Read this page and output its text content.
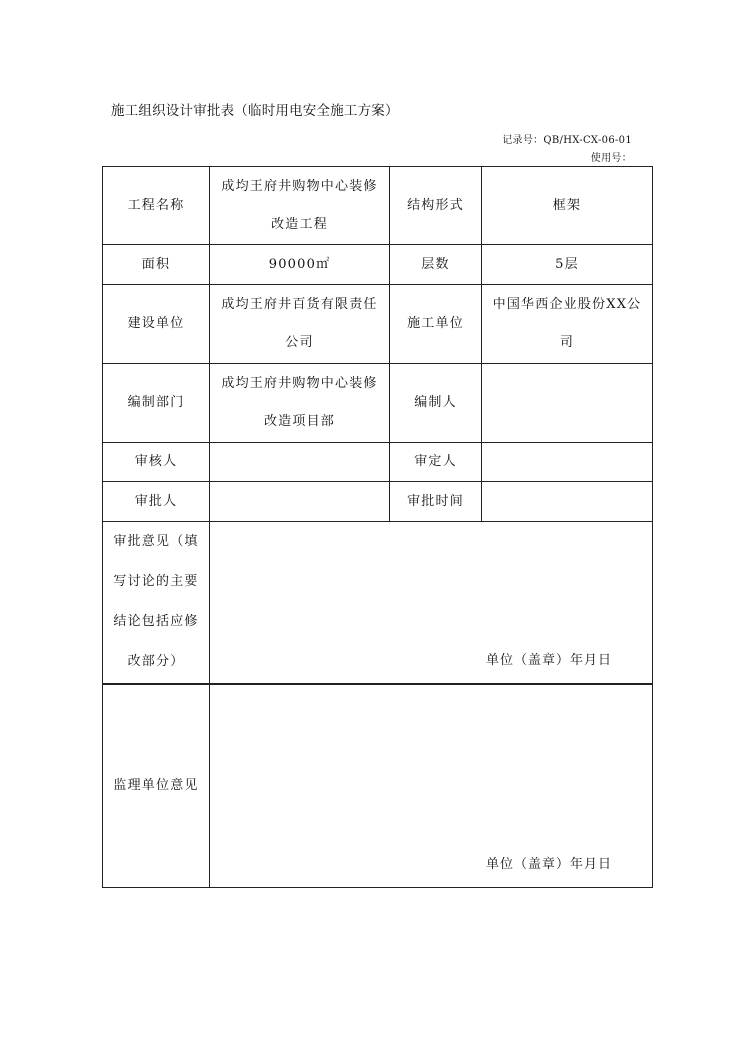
施工组织设计审批表（临时用电安全施工方案）
记录号：QB/HX-CX-06-01
使用号：
工程名称	成均王府井购物中心装修改造工程	结构形式	框架
面积	90000㎡	层数	5层
建设单位	成均王府井百货有限责任公司	施工单位	中国华西企业股份XX公司
编制部门	成均王府井购物中心装修改造项目部	编制人	
审核人		审定人	
审批人		审批时间	
审批意见（填写讨论的主要结论包括应修改部分）	单位（盖章）年月日		

监理单位意见	单位（盖章）年月日		
